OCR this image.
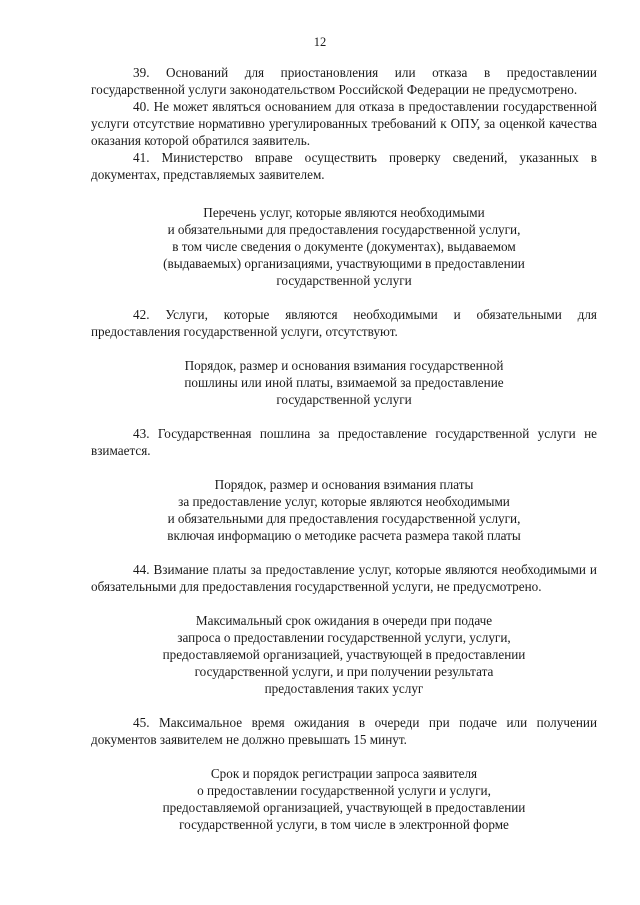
12

39. Оснований для приостановления или отказа в предоставлении государственной услуги законодательством Российской Федерации не предусмотрено.

40. Не может являться основанием для отказа в предоставлении государственной услуги отсутствие нормативно урегулированных требований к ОПУ, за оценкой качества оказания которой обратился заявитель.

41. Министерство вправе осуществить проверку сведений, указанных в документах, представляемых заявителем.

Перечень услуг, которые являются необходимыми
и обязательными для предоставления государственной услуги,
в том числе сведения о документе (документах), выдаваемом
(выдаваемых) организациями, участвующими в предоставлении
государственной услуги

42. Услуги, которые являются необходимыми и обязательными для предоставления государственной услуги, отсутствуют.

Порядок, размер и основания взимания государственной
пошлины или иной платы, взимаемой за предоставление
государственной услуги

43. Государственная пошлина за предоставление государственной услуги не взимается.

Порядок, размер и основания взимания платы
за предоставление услуг, которые являются необходимыми
и обязательными для предоставления государственной услуги,
включая информацию о методике расчета размера такой платы

44. Взимание платы за предоставление услуг, которые являются необходимыми и обязательными для предоставления государственной услуги, не предусмотрено.

Максимальный срок ожидания в очереди при подаче
запроса о предоставлении государственной услуги, услуги,
предоставляемой организацией, участвующей в предоставлении
государственной услуги, и при получении результата
предоставления таких услуг

45. Максимальное время ожидания в очереди при подаче или получении документов заявителем не должно превышать 15 минут.

Срок и порядок регистрации запроса заявителя
о предоставлении государственной услуги и услуги,
предоставляемой организацией, участвующей в предоставлении
государственной услуги, в том числе в электронной форме
